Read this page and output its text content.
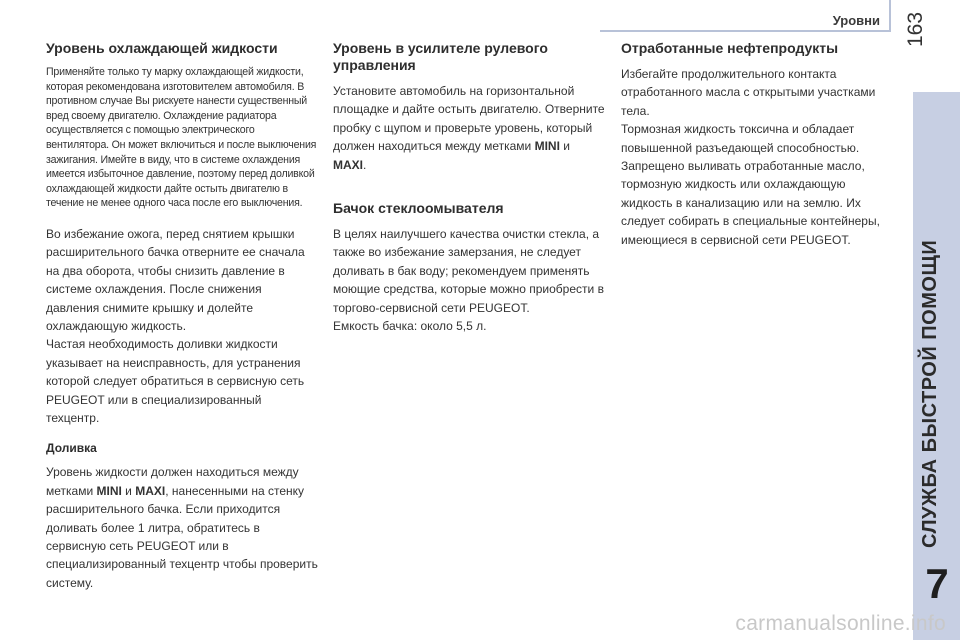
Уровни 163
СЛУЖБА БЫСТРОЙ ПОМОЩИ
7
Уровень охлаждающей жидкости

Применяйте только ту марку охлаждающей жидкости, которая рекомендована изготовителем автомобиля. В противном случае Вы рискуете нанести существенный вред своему двигателю. Охлаждение радиатора осуществляется с помощью электрического вентилятора. Он может включиться и после выключения зажигания. Имейте в виду, что в системе охлаждения имеется избыточное давление, поэтому перед доливкой охлаждающей жидкости дайте остыть двигателю в течение не менее одного часа после его выключения.

Во избежание ожога, перед снятием крышки расширительного бачка отверните ее сначала на два оборота, чтобы снизить давление в системе охлаждения. После снижения давления снимите крышку и долейте охлаждающую жидкость.

Частая необходимость доливки жидкости указывает на неисправность, для устранения которой следует обратиться в сервисную сеть PEUGEOT или в специализированный техцентр.

Доливка

Уровень жидкости должен находиться между метками MINI и MAXI, нанесенными на стенку расширительного бачка. Если приходится доливать более 1 литра, обратитесь в сервисную сеть PEUGEOT или в специализированный техцентр чтобы проверить систему.

Уровень в усилителе рулевого управления

Установите автомобиль на горизонтальной площадке и дайте остыть двигателю. Отверните пробку с щупом и проверьте уровень, который должен находиться между метками MINI и MAXI.

Бачок стеклоомывателя

В целях наилучшего качества очистки стекла, а также во избежание замерзания, не следует доливать в бак воду; рекомендуем применять моющие средства, которые можно приобрести в торгово-сервисной сети PEUGEOT.

Емкость бачка: около 5,5 л.

Отработанные нефтепродукты

Избегайте продолжительного контакта отработанного масла с открытыми участками тела.

Тормозная жидкость токсична и обладает повышенной разъедающей способностью.

Запрещено выливать отработанные масло, тормозную жидкость или охлаждающую жидкость в канализацию или на землю. Их следует собирать в специальные контейнеры, имеющиеся в сервисной сети PEUGEOT.

carmanualsonline.info
